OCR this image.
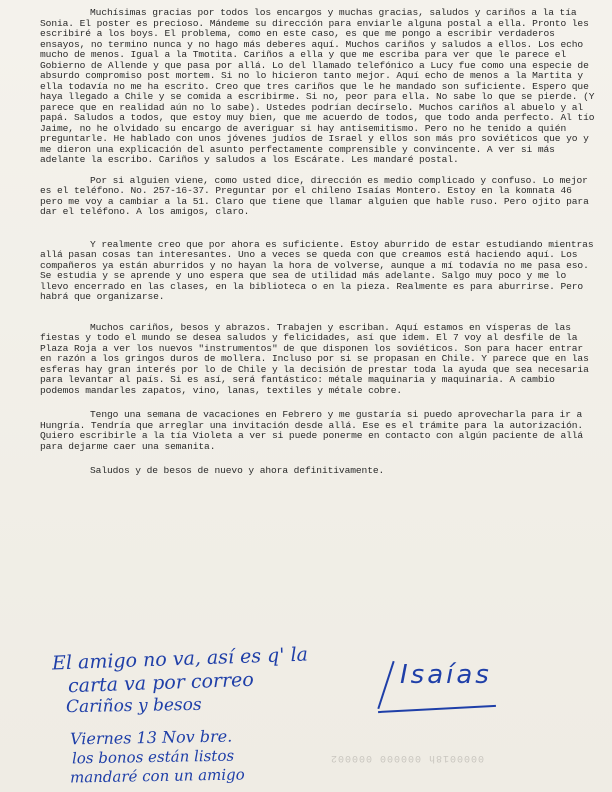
Muchísimas gracias por todos los encargos y muchas gracias, saludos y cariños a la tía Sonia. El poster es precioso. Mándeme su dirección para enviarle alguna postal a ella. Pronto les escribiré a los boys. El problema, como en este caso, es que me pongo a escribir verdaderos ensayos, no termino nunca y no hago más deberes aquí. Muchos cariños y saludos a ellos. Los echo mucho de menos. Igual a la Tmotita. Cariños a ella y que me escriba para ver que le parece el Gobierno de Allende y que pasa por allá. Lo del llamado telefónico a Lucy fue como una especie de absurdo compromiso post mortem. Si no lo hicieron tanto mejor. Aquí echo de menos a la Martita y ella todavía no me ha escrito. Creo que tres cariños que le he mandado son suficiente. Espero que haya llegado a Chile y se comida a escribirme. Si no, peor para ella. No sabe lo que se pierde. (Y parece que en realidad aún no lo sabe). Ustedes podrían decírselo. Muchos cariños al abuelo y al papá. Saludos a todos, que estoy muy bien, que me acuerdo de todos, que todo anda perfecto. Al tío Jaime, no he olvidado su encargo de averiguar si hay antisemitismo. Pero no he tenido a quién preguntarle. He hablado con unos jóvenes judíos de Israel y ellos son más pro soviéticos que yo y me dieron una explicación del asunto perfectamente comprensible y convincente. A ver si más adelante la escribo. Cariños y saludos a los Escárate. Les mandaré postal.

Por si alguien viene, como usted dice, dirección es medio complicado y confuso. Lo mejor es el teléfono. No. 257-16-37. Preguntar por el chileno Isaías Montero. Estoy en la komnata 46 pero me voy a cambiar a la 51. Claro que tiene que llamar alguien que hable ruso. Pero ojito para dar el teléfono. A los amigos, claro.

Y realmente creo que por ahora es suficiente. Estoy aburrido de estar estudiando mientras allá pasan cosas tan interesantes. Uno a veces se queda con que creamos está haciendo aquí. Los compañeros ya están aburridos y no hayan la hora de volverse, aunque a mí todavía no me pasa eso. Se estudia y se aprende y uno espera que sea de utilidad más adelante. Salgo muy poco y me lo llevo encerrado en las clases, en la biblioteca o en la pieza. Realmente es para aburrirse. Pero habrá que organizarse.

Muchos cariños, besos y abrazos. Trabajen y escriban. Aquí estamos en vísperas de las fiestas y todo el mundo se desea saludos y felicidades, así que idem. El 7 voy al desfile de la Plaza Roja a ver los nuevos "instrumentos" de que disponen los soviéticos. Son para hacer entrar en razón a los gringos duros de mollera. Incluso por si se propasan en Chile. Y parece que en las esferas hay gran interés por lo de Chile y la decisión de prestar toda la ayuda que sea necesaria para levantar al país. Si es así, será fantástico: métale maquinaria y maquinaria. A cambio podemos mandarles zapatos, vino, lanas, textiles y métale cobre.

Tengo una semana de vacaciones en Febrero y me gustaría si puedo aprovecharla para ir a Hungría. Tendría que arreglar una invitación desde allá. Ese es el trámite para la autorización. Quiero escribirle a la tía Violeta a ver si puede ponerme en contacto con algún paciente de allá para dejarme caer una semanita.

Saludos y de besos de nuevo y ahora definitivamente.

El amigo no va, así es q' la
carta va por correo
Cariños y besos
Viernes 13 Nov bre.
los bonos están listos
mandaré con un amigo
Isaías
0000018h 000000 000002
